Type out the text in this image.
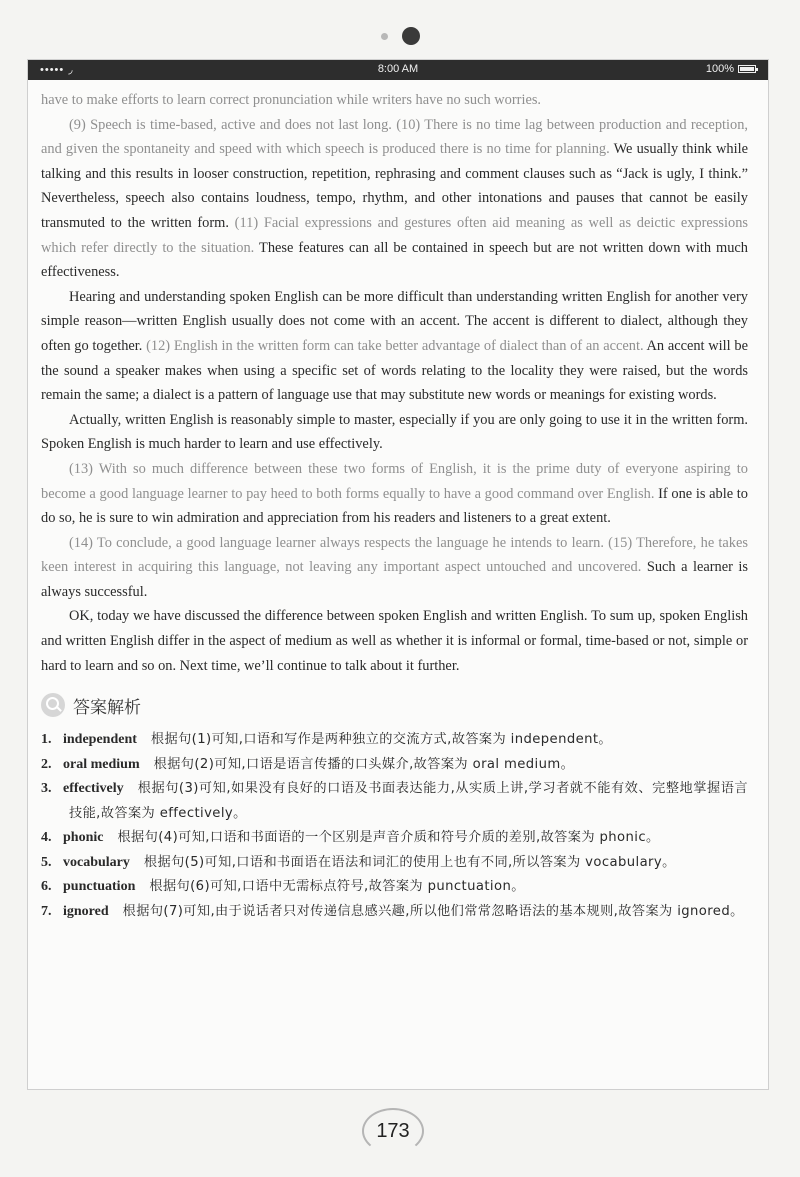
••••• ◞	8:00 AM	100%

have to make efforts to learn correct pronunciation while writers have no such worries.

(9) Speech is time-based, active and does not last long. (10) There is no time lag between production and reception, and given the spontaneity and speed with which speech is produced there is no time for planning. We usually think while talking and this results in looser construction, repetition, rephrasing and comment clauses such as “Jack is ugly, I think.” Nevertheless, speech also contains loudness, tempo, rhythm, and other intonations and pauses that cannot be easily transmuted to the written form. (11) Facial expressions and gestures often aid meaning as well as deictic expressions which refer directly to the situation. These features can all be contained in speech but are not written down with much effectiveness.

Hearing and understanding spoken English can be more difficult than understanding written English for another very simple reason—written English usually does not come with an accent. The accent is different to dialect, although they often go together. (12) English in the written form can take better advantage of dialect than of an accent. An accent will be the sound a speaker makes when using a specific set of words relating to the locality they were raised, but the words remain the same; a dialect is a pattern of language use that may substitute new words or meanings for existing words.

Actually, written English is reasonably simple to master, especially if you are only going to use it in the written form. Spoken English is much harder to learn and use effectively.

(13) With so much difference between these two forms of English, it is the prime duty of everyone aspiring to become a good language learner to pay heed to both forms equally to have a good command over English. If one is able to do so, he is sure to win admiration and appreciation from his readers and listeners to a great extent.

(14) To conclude, a good language learner always respects the language he intends to learn. (15) Therefore, he takes keen interest in acquiring this language, not leaving any important aspect untouched and uncovered. Such a learner is always successful.

OK, today we have discussed the difference between spoken English and written English. To sum up, spoken English and written English differ in the aspect of medium as well as whether it is informal or formal, time-based or not, simple or hard to learn and so on. Next time, we’ll continue to talk about it further.

答案解析
1. independent 根据句(1)可知,口语和写作是两种独立的交流方式,故答案为 independent。
2. oral medium 根据句(2)可知,口语是语言传播的口头媒介,故答案为 oral medium。
3. effectively 根据句(3)可知,如果没有良好的口语及书面表达能力,从实质上讲,学习者就不能有效、完整地掌握语言技能,故答案为 effectively。
4. phonic 根据句(4)可知,口语和书面语的一个区别是声音介质和符号介质的差别,故答案为 phonic。
5. vocabulary 根据句(5)可知,口语和书面语在语法和词汇的使用上也有不同,所以答案为 vocabulary。
6. punctuation 根据句(6)可知,口语中无需标点符号,故答案为 punctuation。
7. ignored 根据句(7)可知,由于说话者只对传递信息感兴趣,所以他们常常忽略语法的基本规则,故答案为 ignored。
173
